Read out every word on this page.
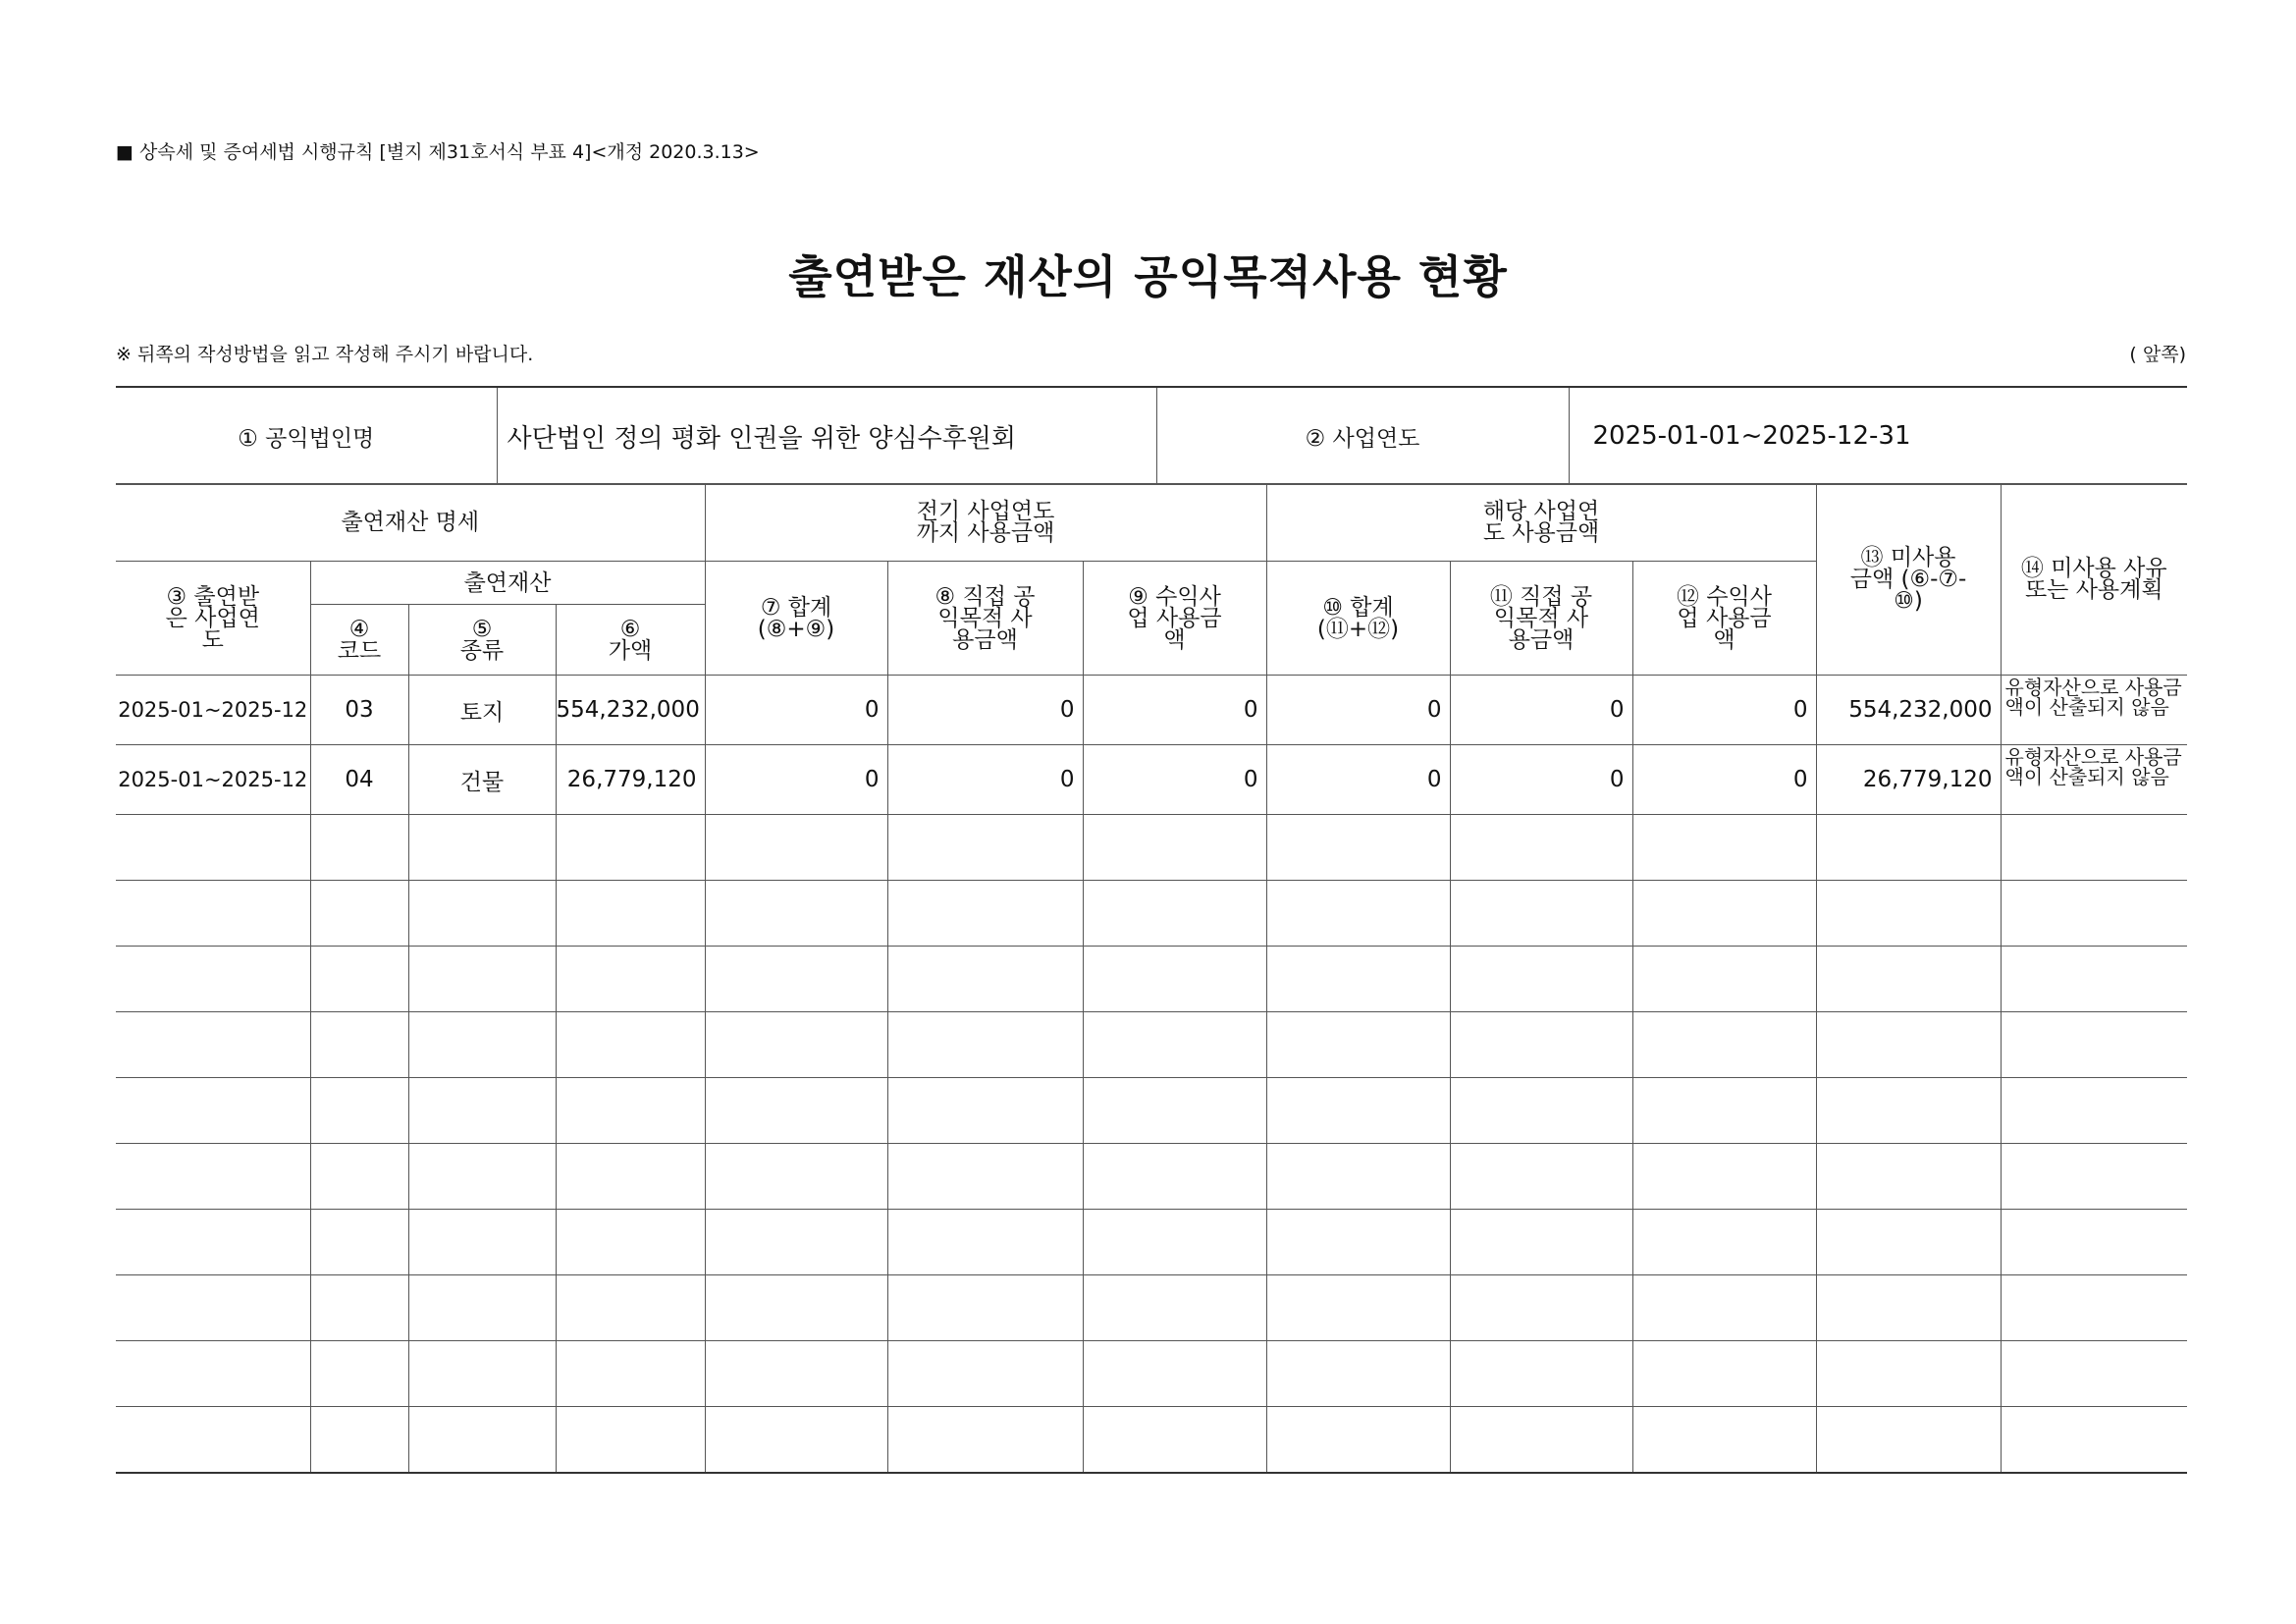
■ 상속세 및 증여세법 시행규칙 [별지 제31호서식 부표 4]<개정 2020.3.13>
출연받은 재산의 공익목적사용 현황
※ 뒤쪽의 작성방법을 읽고 작성해 주시기 바랍니다.	( 앞쪽)
① 공익법인명	사단법인 정의 평화 인권을 위한 양심수후원회	② 사업연도	2025-01-01~2025-12-31
출연재산 명세				전기 사업연도까지 사용금액			해당 사업연도 사용금액			⑬ 미사용 금액 (⑥-⑦-⑩)	⑭ 미사용 사유 또는 사용계획

③ 출연받은 사업연도	출연재산			⑦ 합계 (⑧+⑨)	⑧ 직접 공익목적 사용금액	⑨ 수익사업 사용금액	⑩ 합계 (⑪+⑫)	⑪ 직접 공익목적 사용금액	⑫ 수익사업 사용금액		

	④ 코드	⑤ 종류	⑥ 가액								

2025-01~2025-12	03	토지	554,232,000	0	0	0	0	0	0	554,232,000	유형자산으로 사용금액이 산출되지 않음
2025-01~2025-12	04	건물	26,779,120	0	0	0	0	0	0	26,779,120	유형자산으로 사용금액이 산출되지 않음
